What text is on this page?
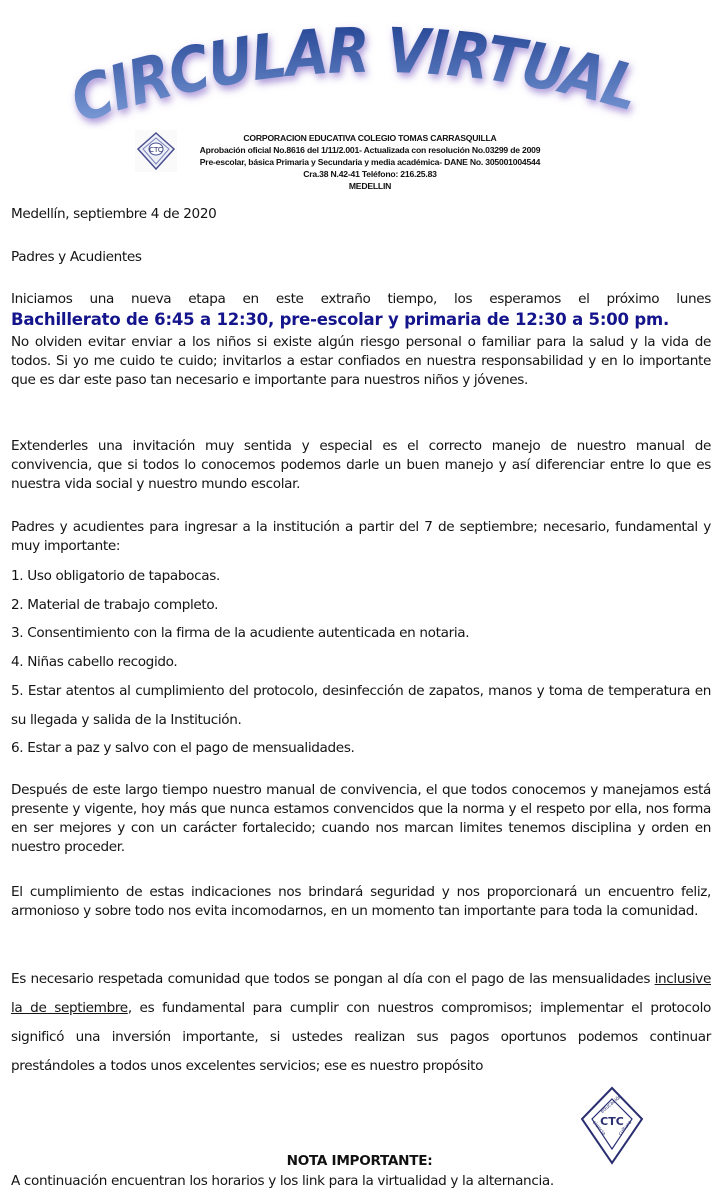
CIRCULAR VIRTUAL
CTC
CORPORACION EDUCATIVA COLEGIO TOMAS CARRASQUILLA
Aprobación oficial No.8616 del 1/11/2.001- Actualizada con resolución No.03299 de 2009
Pre-escolar, básica Primaria y Secundaria y media académica- DANE No. 305001004544
Cra.38 N.42-41 Teléfono: 216.25.83
MEDELLIN
Medellín, septiembre 4 de 2020
Padres y Acudientes
Iniciamos una nueva etapa en este extraño tiempo, los esperamos el próximo lunes
Bachillerato de 6:45 a 12:30, pre-escolar y primaria de 12:30 a 5:00 pm.
No olviden evitar enviar a los niños si existe algún riesgo personal o familiar para la salud y la vida de todos. Si yo me cuido te cuido; invitarlos a estar confiados en nuestra responsabilidad y en lo importante que es dar este paso tan necesario e importante para nuestros niños y jóvenes.
Extenderles una invitación muy sentida y especial es el correcto manejo de nuestro manual de convivencia, que si todos lo conocemos podemos darle un buen manejo y así diferenciar entre lo que es nuestra vida social y nuestro mundo escolar.
Padres y acudientes para ingresar a la institución a partir del 7 de septiembre; necesario, fundamental y muy importante:
1. Uso obligatorio de tapabocas.
2. Material de trabajo completo.
3. Consentimiento con la firma de la acudiente autenticada en notaria.
4. Niñas cabello recogido.
5. Estar atentos al cumplimiento del protocolo, desinfección de zapatos, manos y toma de temperatura en su llegada y salida de la Institución.
6. Estar a paz y salvo con el pago de mensualidades.
Después de este largo tiempo nuestro manual de convivencia, el que todos conocemos y manejamos está presente y vigente, hoy más que nunca estamos convencidos que la norma y el respeto por ella, nos forma en ser mejores y con un carácter fortalecido; cuando nos marcan limites tenemos disciplina y orden en nuestro proceder.
El cumplimiento de estas indicaciones nos brindará seguridad y nos proporcionará un encuentro feliz, armonioso y sobre todo nos evita incomodarnos, en un momento tan importante para toda la comunidad.
Es necesario respetada comunidad que todos se pongan al día con el pago de las mensualidades inclusive la de septiembre, es fundamental para cumplir con nuestros compromisos; implementar el protocolo significó una inversión importante, si ustedes realizan sus pagos oportunos podemos continuar prestándoles a todos unos excelentes servicios; ese es nuestro propósito
CTC
educación
ciencia cultura
NOTA IMPORTANTE:
A continuación encuentran los horarios y los link para la virtualidad y la alternancia.
